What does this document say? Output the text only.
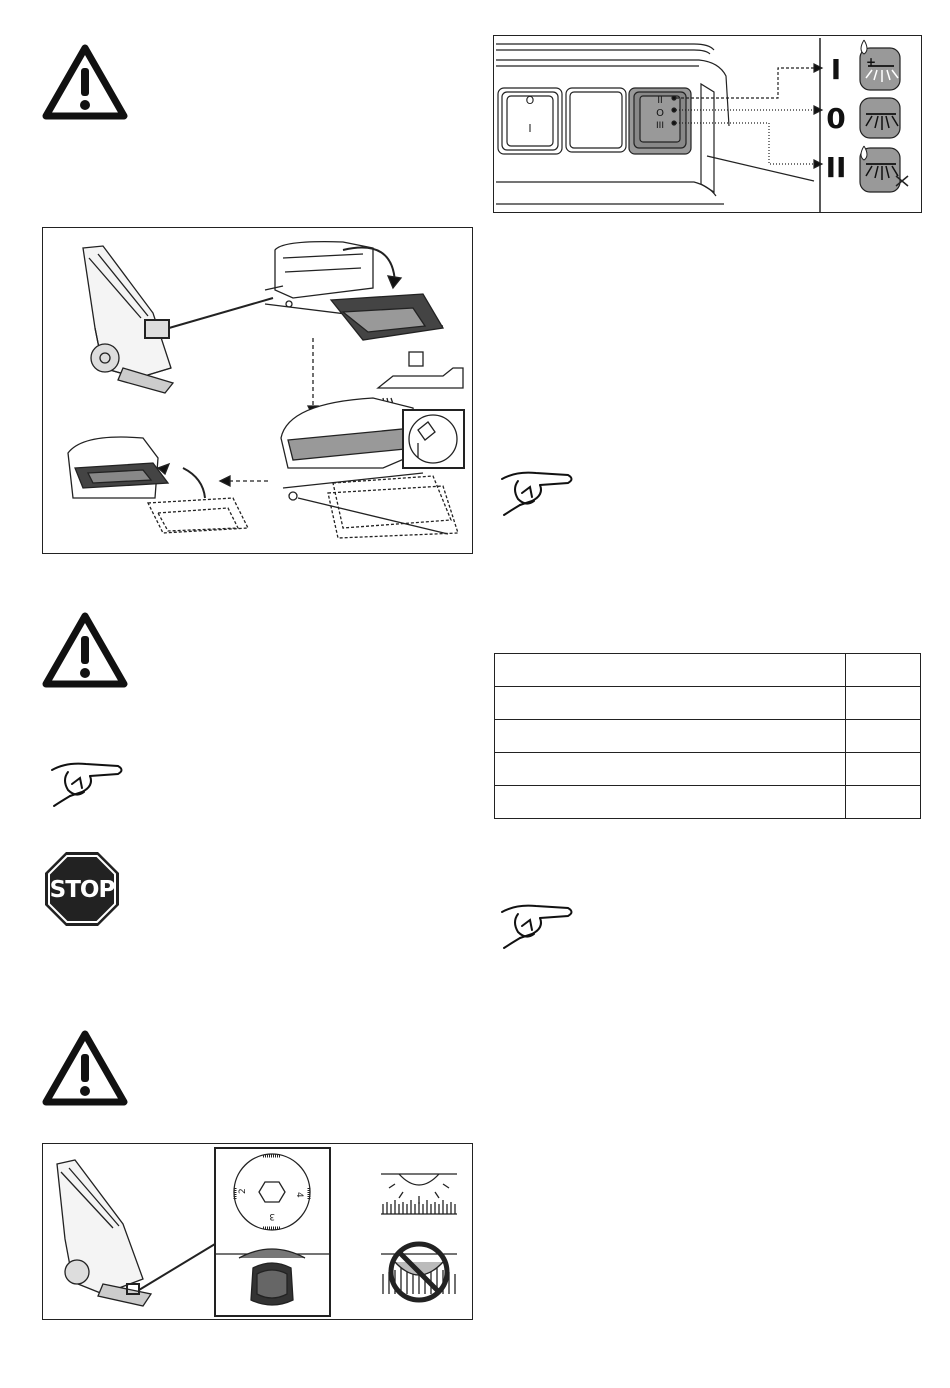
STOP
2
3
4
+
O
I
II
O
III
I
0
II
